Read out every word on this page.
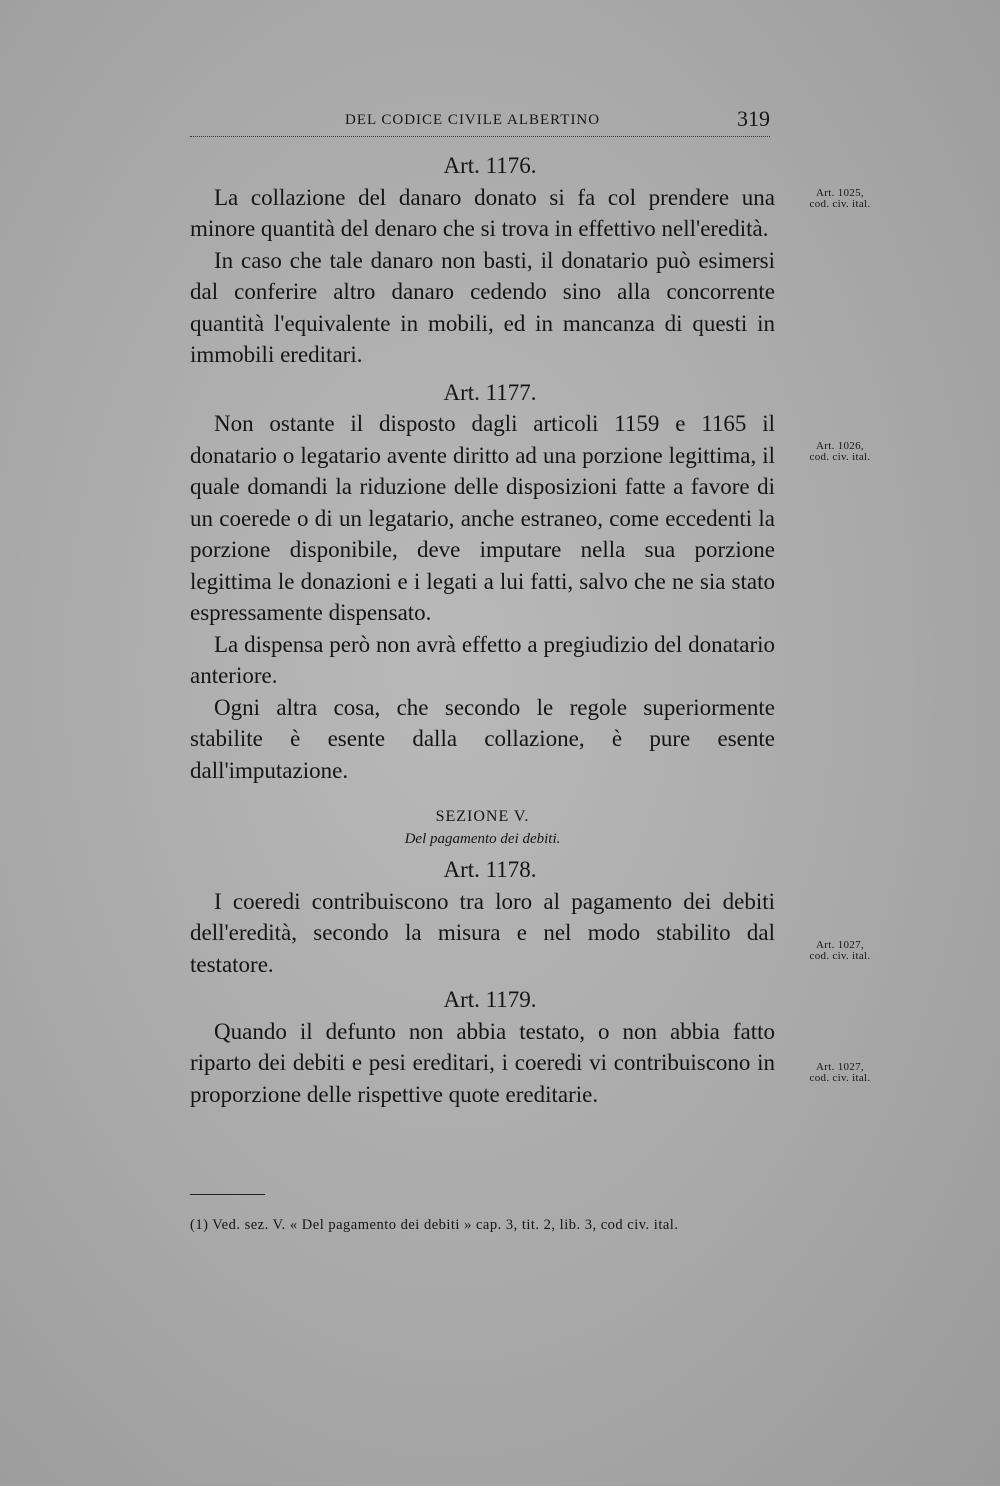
DEL CODICE CIVILE ALBERTINO	319
Art. 1176.

La collazione del danaro donato si fa col prendere una minore quantità del denaro che si trova in effettivo nell'eredità.

In caso che tale danaro non basti, il donatario può esimersi dal conferire altro danaro cedendo sino alla concorrente quantità l'equivalente in mobili, ed in mancanza di questi in immobili ereditari.

Art. 1177.

Non ostante il disposto dagli articoli 1159 e 1165 il donatario o legatario avente diritto ad una porzione legittima, il quale domandi la riduzione delle disposizioni fatte a favore di un coerede o di un legatario, anche estraneo, come eccedenti la porzione disponibile, deve imputare nella sua porzione legittima le donazioni e i legati a lui fatti, salvo che ne sia stato espressamente dispensato.

La dispensa però non avrà effetto a pregiudizio del donatario anteriore.

Ogni altra cosa, che secondo le regole superiormente stabilite è esente dalla collazione, è pure esente dall'imputazione.

SEZIONE V.

Del pagamento dei debiti.

Art. 1178.

I coeredi contribuiscono tra loro al pagamento dei debiti dell'eredità, secondo la misura e nel modo stabilito dal testatore.

Art. 1179.

Quando il defunto non abbia testato, o non abbia fatto riparto dei debiti e pesi ereditari, i coeredi vi contribuiscono in proporzione delle rispettive quote ereditarie.

Art. 1025,
cod. civ. ital.
Art. 1026,
cod. civ. ital.
Art. 1027,
cod. civ. ital.
Art. 1027,
cod. civ. ital.

(1) Ved. sez. V. « Del pagamento dei debiti » cap. 3, tit. 2, lib. 3, cod civ. ital.
